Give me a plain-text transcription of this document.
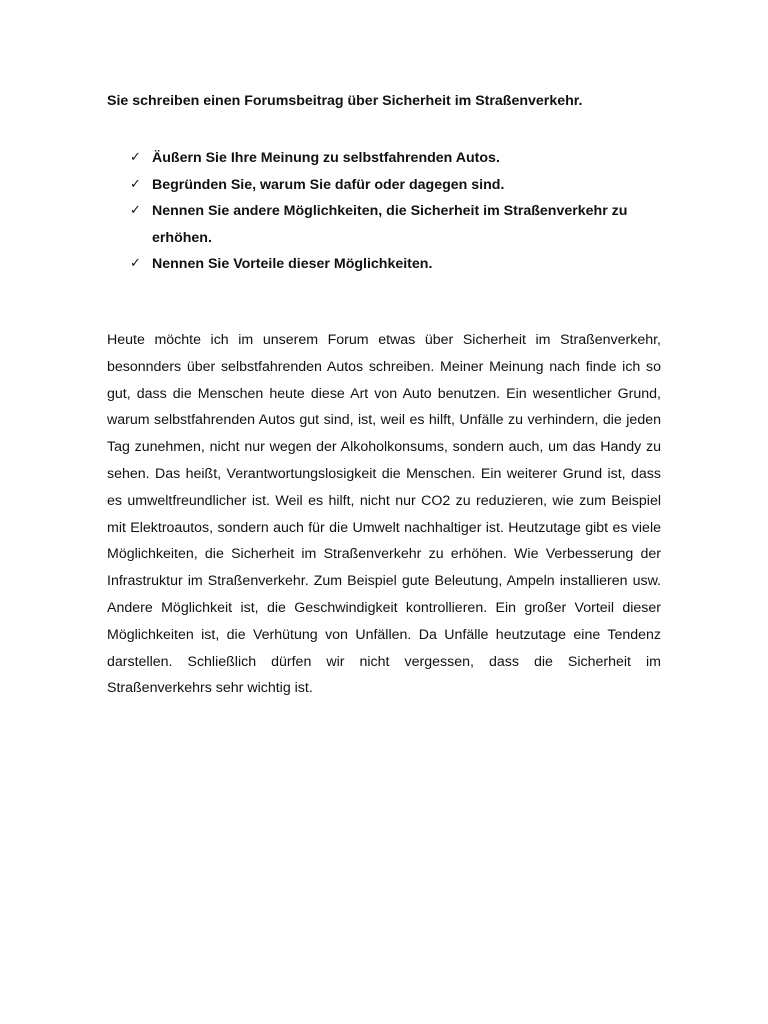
Sie schreiben einen Forumsbeitrag über Sicherheit im Straßenverkehr.

✓ Äußern Sie Ihre Meinung zu selbstfahrenden Autos.
✓ Begründen Sie, warum Sie dafür oder dagegen sind.
✓ Nennen Sie andere Möglichkeiten, die Sicherheit im Straßenverkehr zu erhöhen.
✓ Nennen Sie Vorteile dieser Möglichkeiten.

Heute möchte ich im unserem Forum etwas über Sicherheit im Straßenverkehr, besonnders über selbstfahrenden Autos schreiben. Meiner Meinung nach finde ich so gut, dass die Menschen heute diese Art von Auto benutzen. Ein wesentlicher Grund, warum selbstfahrenden Autos gut sind, ist, weil es hilft, Unfälle zu verhindern, die jeden Tag zunehmen, nicht nur wegen der Alkoholkonsums, sondern auch, um das Handy zu sehen. Das heißt, Verantwortungslosigkeit die Menschen. Ein weiterer Grund ist, dass es umweltfreundlicher ist. Weil es hilft, nicht nur CO2 zu reduzieren, wie zum Beispiel mit Elektroautos, sondern auch für die Umwelt nachhaltiger ist. Heutzutage gibt es viele Möglichkeiten, die Sicherheit im Straßenverkehr zu erhöhen. Wie Verbesserung der Infrastruktur im Straßenverkehr. Zum Beispiel gute Beleutung, Ampeln installieren usw. Andere Möglichkeit ist, die Geschwindigkeit kontrollieren. Ein großer Vorteil dieser Möglichkeiten ist, die Verhütung von Unfällen. Da Unfälle heutzutage eine Tendenz darstellen. Schließlich dürfen wir nicht vergessen, dass die Sicherheit im Straßenverkehrs sehr wichtig ist.
